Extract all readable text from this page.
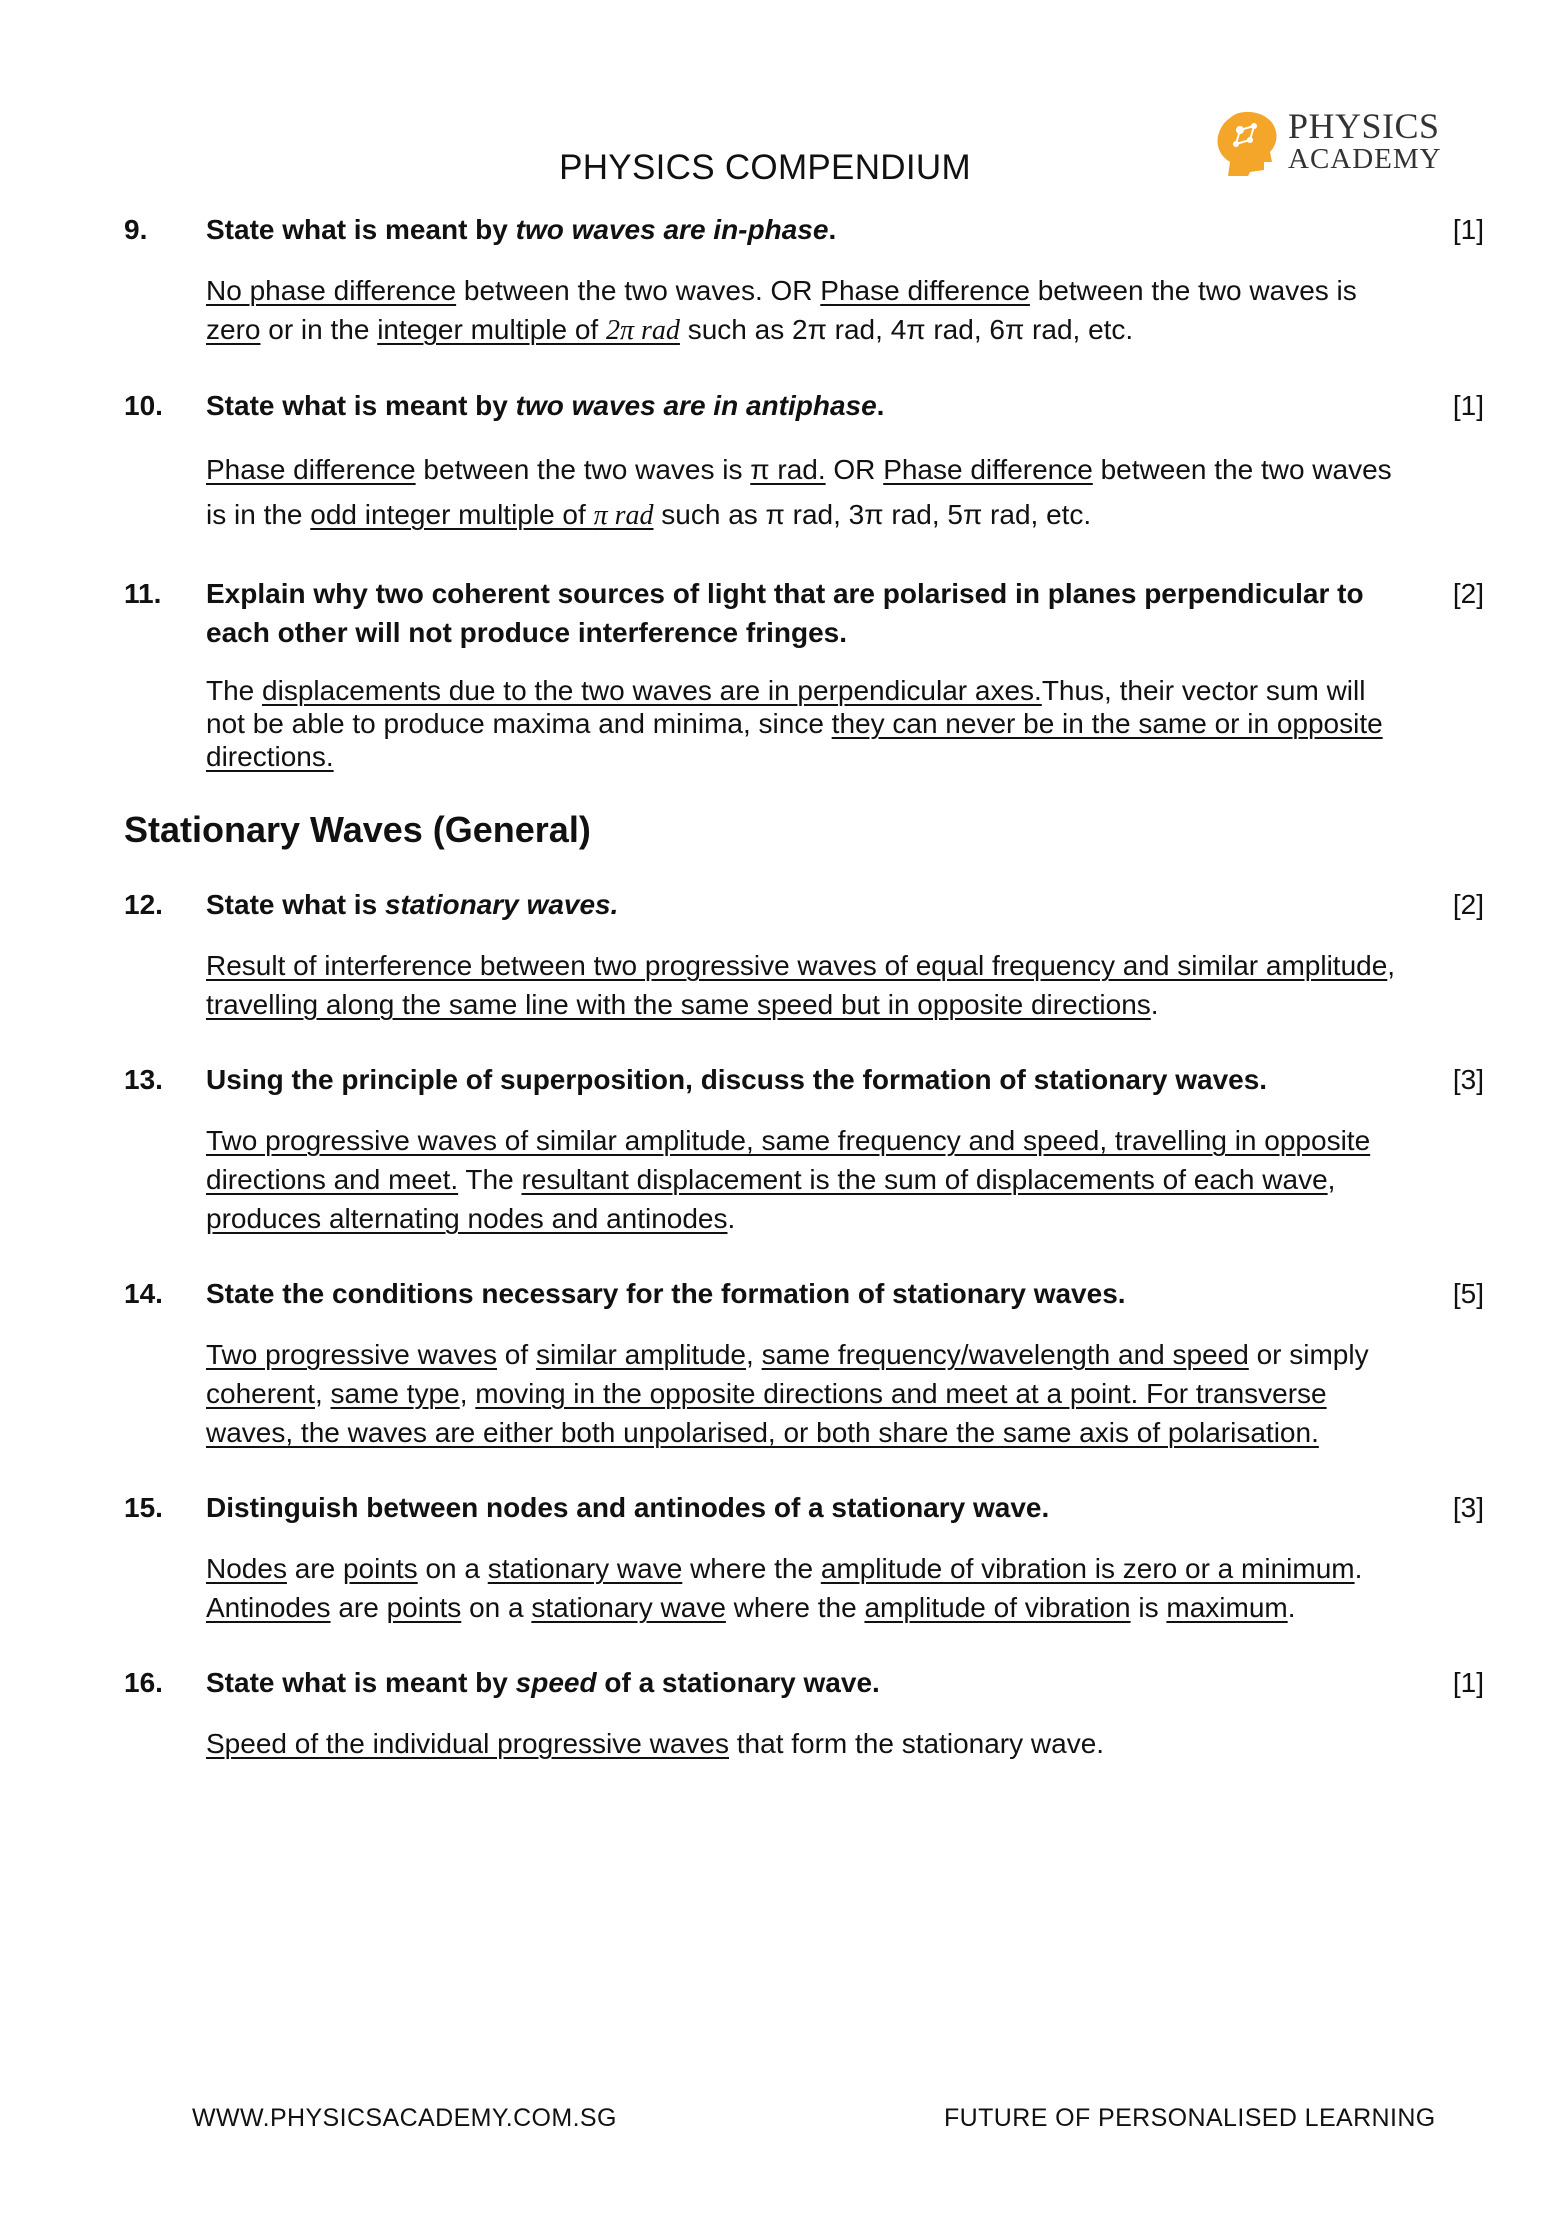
PHYSICS COMPENDIUM
PHYSICS
ACADEMY
9. State what is meant by two waves are in-phase.	[1]
No phase difference between the two waves. OR Phase difference between the two waves is zero or in the integer multiple of 2π rad such as 2π rad, 4π rad, 6π rad, etc.
10. State what is meant by two waves are in antiphase.	[1]
Phase difference between the two waves is π rad. OR Phase difference between the two waves is in the odd integer multiple of π rad such as π rad, 3π rad, 5π rad, etc.
11. Explain why two coherent sources of light that are polarised in planes perpendicular to each other will not produce interference fringes.
[2]
The displacements due to the two waves are in perpendicular axes.Thus, their vector sum will not be able to produce maxima and minima, since they can never be in the same or in opposite directions.
Stationary Waves (General)
12. State what is stationary waves.	[2]
Result of interference between two progressive waves of equal frequency and similar amplitude, travelling along the same line with the same speed but in opposite directions.
13. Using the principle of superposition, discuss the formation of stationary waves.	[3]
Two progressive waves of similar amplitude, same frequency and speed, travelling in opposite directions and meet. The resultant displacement is the sum of displacements of each wave, produces alternating nodes and antinodes.
14. State the conditions necessary for the formation of stationary waves.	[5]
Two progressive waves of similar amplitude, same frequency/wavelength and speed or simply coherent, same type, moving in the opposite directions and meet at a point. For transverse waves, the waves are either both unpolarised, or both share the same axis of polarisation.
15. Distinguish between nodes and antinodes of a stationary wave.	[3]
Nodes are points on a stationary wave where the amplitude of vibration is zero or a minimum. Antinodes are points on a stationary wave where the amplitude of vibration is maximum.
16. State what is meant by speed of a stationary wave.	[1]
Speed of the individual progressive waves that form the stationary wave.
WWW.PHYSICSACADEMY.COM.SG	FUTURE OF PERSONALISED LEARNING
